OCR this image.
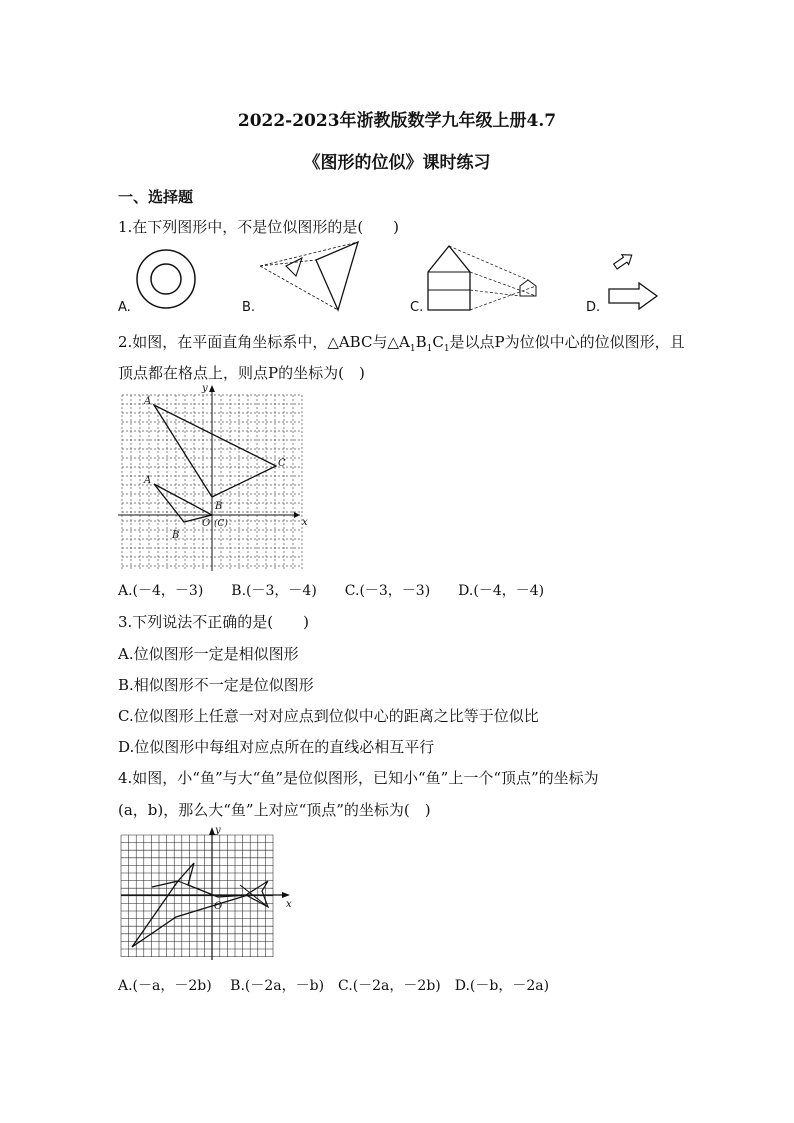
2022-2023年浙教版数学九年级上册4.7
《图形的位似》课时练习
一、选择题
1.在下列图形中，不是位似图形的是(　　)
A.	B.	C.	D.
2.如图，在平面直角坐标系中，△ABC与$\triangle A_1B_1C_1$是以点P为位似中心的位似图形，且
顶点都在格点上，则点P的坐标为(　)
x
y
A
A
C
B
O (C)
B
A.(－4，－3)　　B.(－3，－4)　　C.(－3，－3)　　D.(－4，－4)
3.下列说法不正确的是(　　)
A.位似图形一定是相似图形
B.相似图形不一定是位似图形
C.位似图形上任意一对对应点到位似中心的距离之比等于位似比
D.位似图形中每组对应点所在的直线必相互平行
4.如图，小“鱼”与大“鱼”是位似图形，已知小“鱼”上一个“顶点”的坐标为
(a，b)，那么大“鱼”上对应“顶点”的坐标为(　)
x
y
O
A.(－a，－2b)　 B.(－2a，－b)　C.(－2a，－2b)　D.(－b，－2a)
